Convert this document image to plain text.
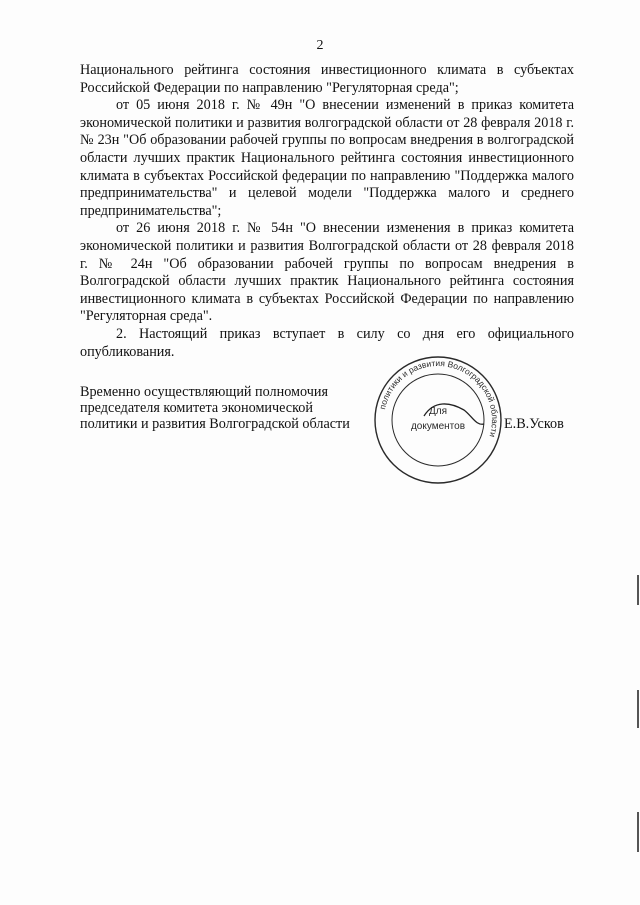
2

Национального рейтинга состояния инвестиционного климата в субъектах Российской Федерации по направлению "Регуляторная среда";

от 05 июня 2018 г. № 49н "О внесении изменений в приказ комитета экономической политики и развития волгоградской области от 28 февраля 2018 г. № 23н "Об образовании рабочей группы по вопросам внедрения в волгоградской области лучших практик Национального рейтинга состояния инвестиционного климата в субъектах Российской федерации по направлению "Поддержка малого предпринимательства" и целевой модели "Поддержка малого и среднего предпринимательства";

от 26 июня 2018 г. № 54н "О внесении изменения в приказ комитета экономической политики и развития Волгоградской области от 28 февраля 2018 г. № 24н "Об образовании рабочей группы по вопросам внедрения в Волгоградской области лучших практик Национального рейтинга состояния инвестиционного климата в субъектах Российской Федерации по направлению "Регуляторная среда".

2. Настоящий приказ вступает в силу со дня его официального опубликования.

Временно осуществляющий полномочия
председателя комитета экономической
политики и развития Волгоградской области
политики и развития Волгоградской области
Для
документов	Е.В.Усков
